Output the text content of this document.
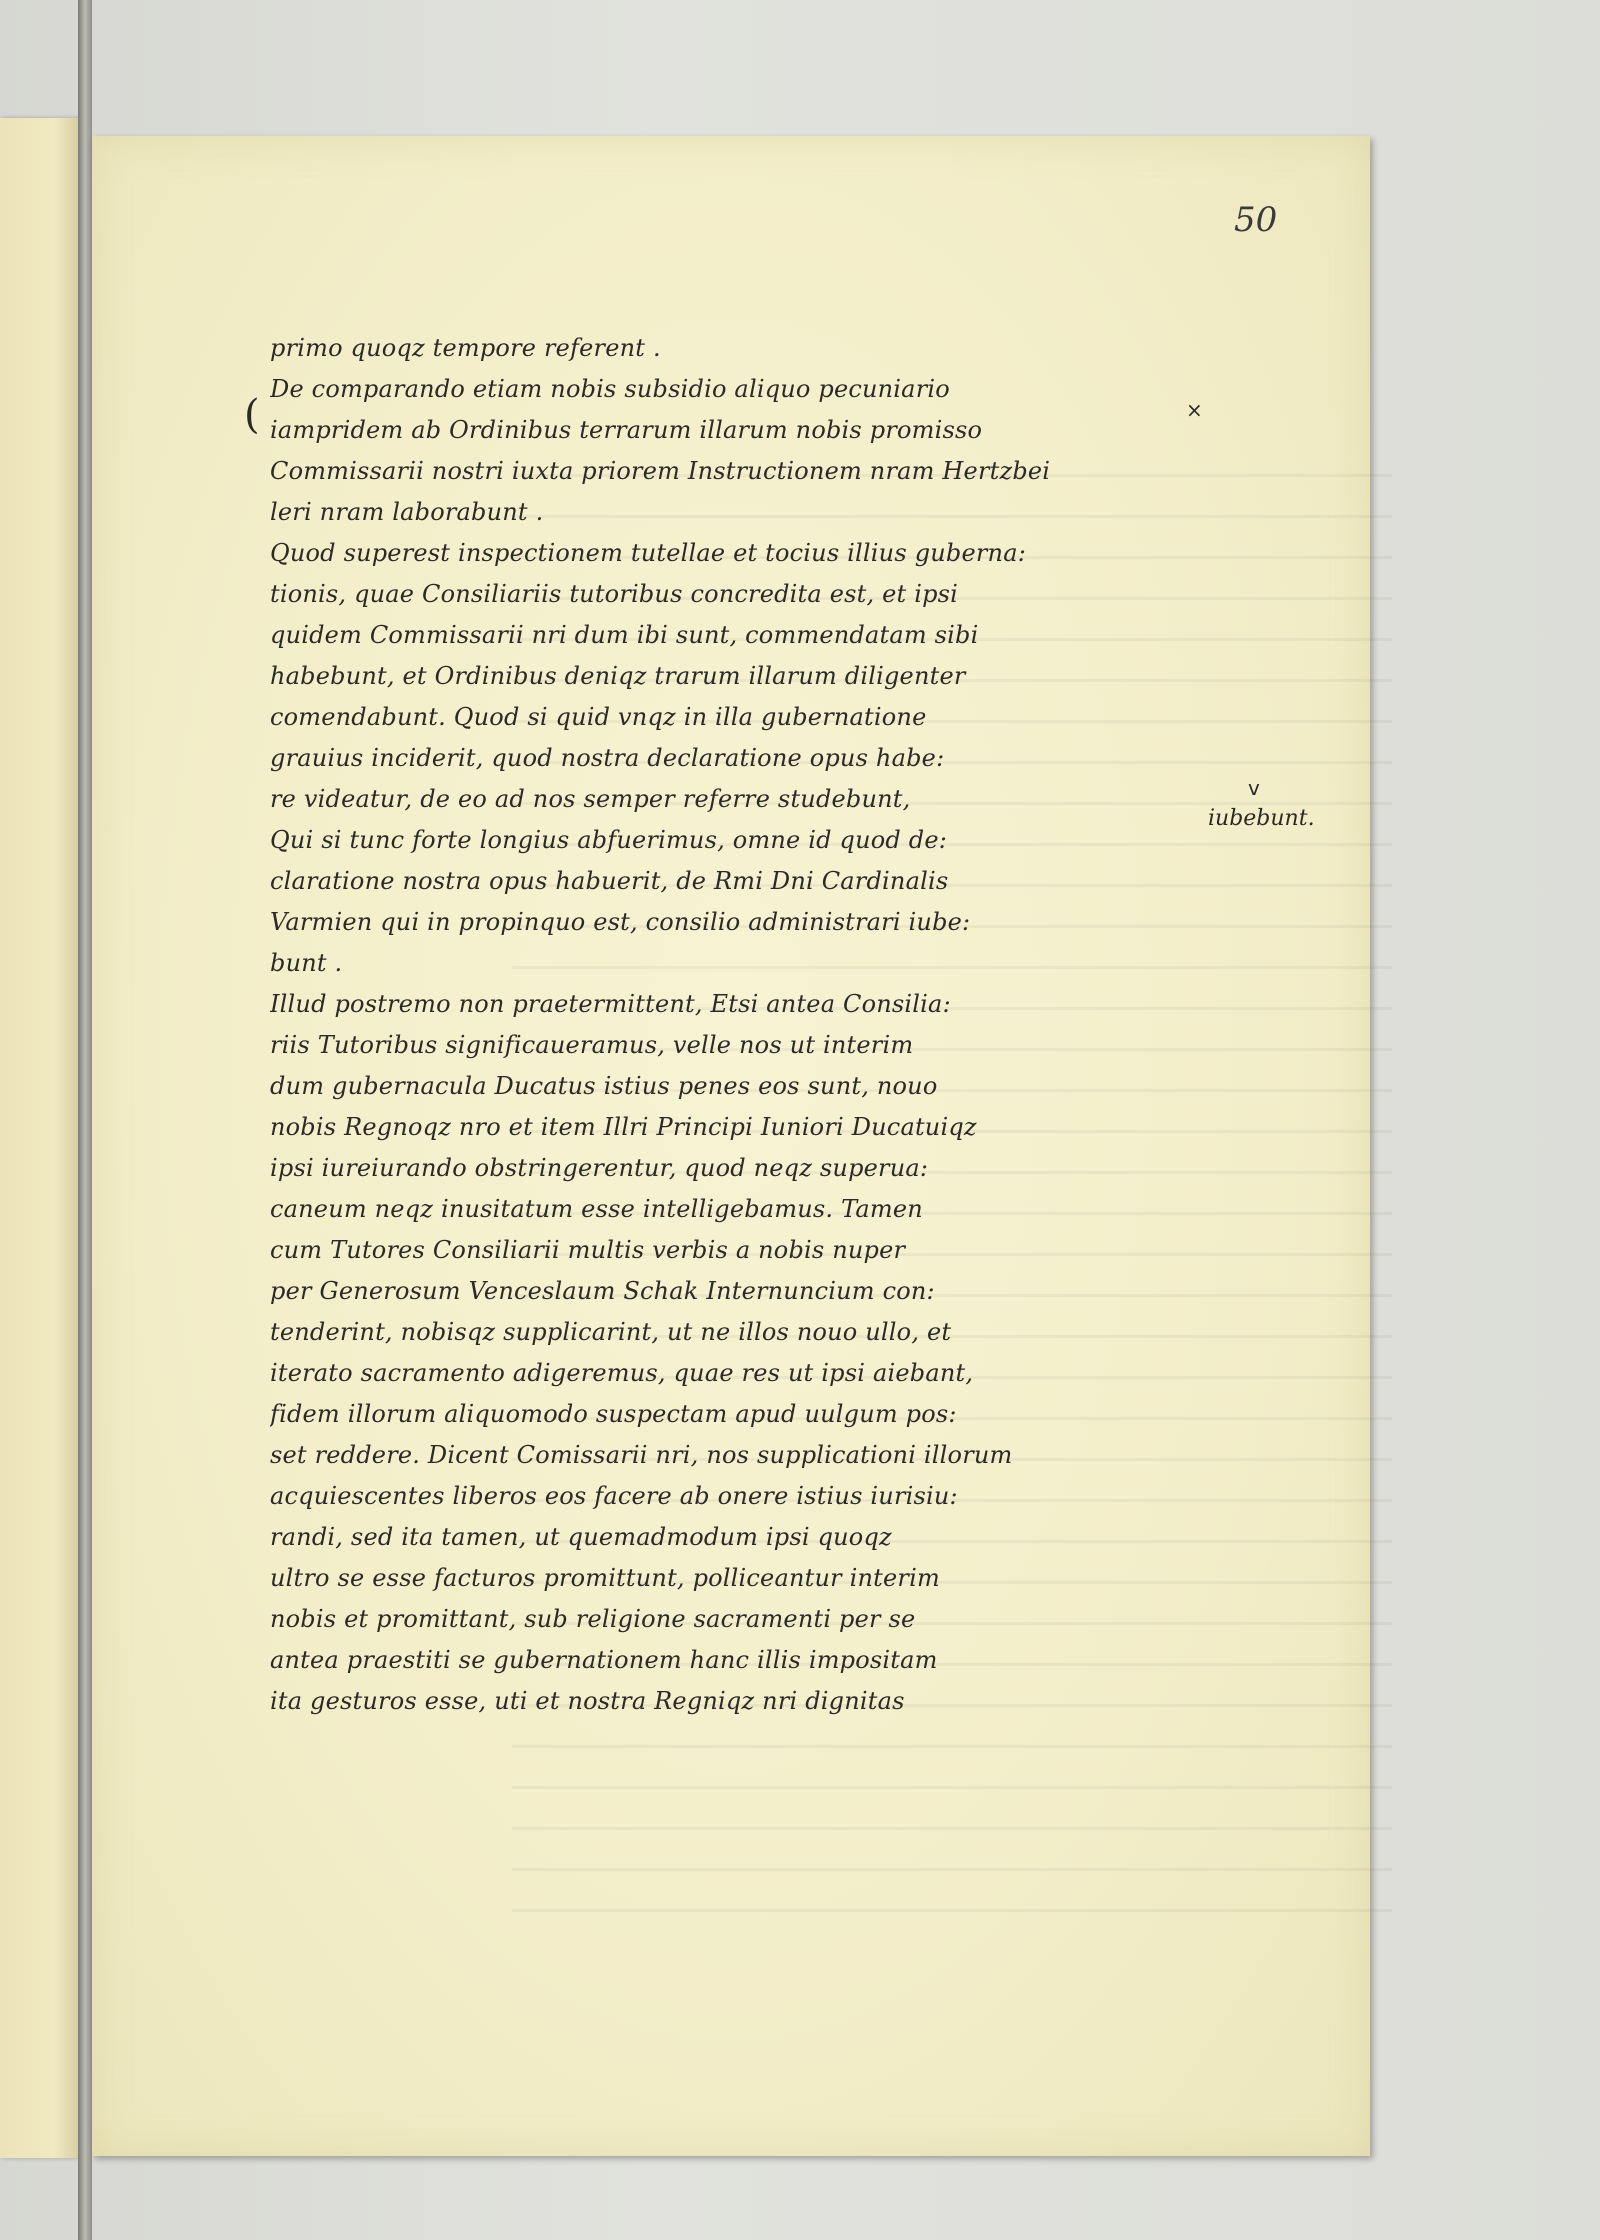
50
(	×
primo quoqz tempore referent .
De comparando etiam nobis subsidio aliquo pecuniario
iampridem ab Ordinibus terrarum illarum nobis promisso
Commissarii nostri iuxta priorem Instructionem nram Hertzbei
leri nram laborabunt .
Quod superest inspectionem tutellae et tocius illius guberna:
tionis, quae Consiliariis tutoribus concredita est, et ipsi
quidem Commissarii nri dum ibi sunt, commendatam sibi
habebunt, et Ordinibus deniqz trarum illarum diligenter
comendabunt. Quod si quid vnqz in illa gubernatione
grauius inciderit, quod nostra declaratione opus habe:
re videatur, de eo ad nos semper referre studebunt,
Qui si tunc forte longius abfuerimus, omne id quod de:
claratione nostra opus habuerit, de Rmi Dni Cardinalis
Varmien qui in propinquo est, consilio administrari iube:
bunt .
Illud postremo non praetermittent, Etsi antea Consilia:
riis Tutoribus significaueramus, velle nos ut interim
dum gubernacula Ducatus istius penes eos sunt, nouo
nobis Regnoqz nro et item Illri Principi Iuniori Ducatuiqz
ipsi iureiurando obstringerentur, quod neqz superua:
caneum neqz inusitatum esse intelligebamus. Tamen
cum Tutores Consiliarii multis verbis a nobis nuper
per Generosum Venceslaum Schak Internuncium con:
tenderint, nobisqz supplicarint, ut ne illos nouo ullo, et
iterato sacramento adigeremus, quae res ut ipsi aiebant,
fidem illorum aliquomodo suspectam apud uulgum pos:
set reddere. Dicent Comissarii nri, nos supplicationi illorum
acquiescentes liberos eos facere ab onere istius iurisiu:
randi, sed ita tamen, ut quemadmodum ipsi quoqz
ultro se esse facturos promittunt, polliceantur interim
nobis et promittant, sub religione sacramenti per se
antea praestiti se gubernationem hanc illis impositam
ita gesturos esse, uti et nostra Regniqz nri dignitas
v
iubebunt.
